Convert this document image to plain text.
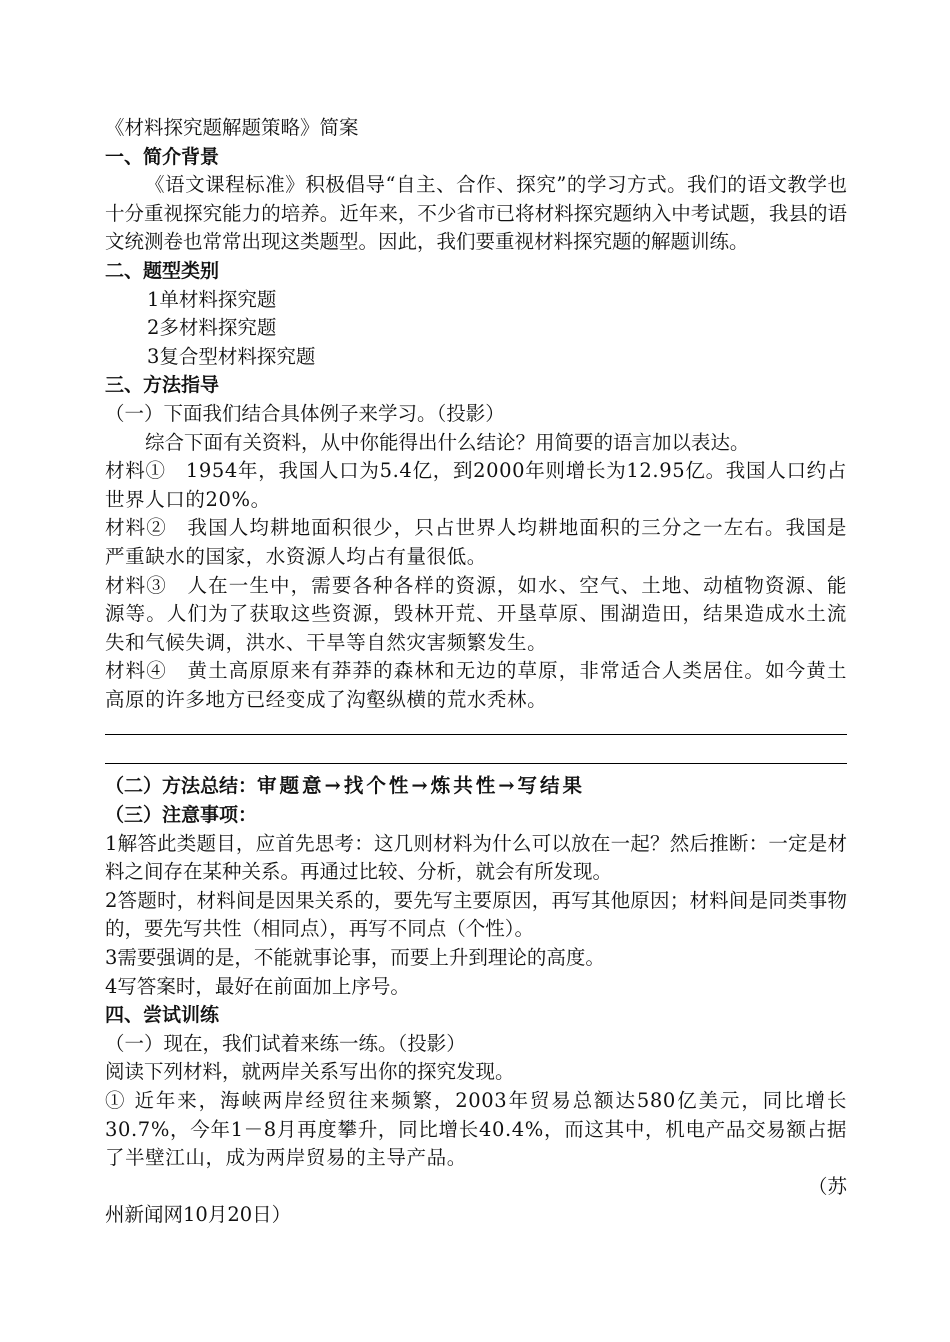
《材料探究题解题策略》简案
一、简介背景
《语文课程标准》积极倡导“自主、合作、探究”的学习方式。我们的语文教学也十分重视探究能力的培养。近年来，不少省市已将材料探究题纳入中考试题，我县的语文统测卷也常常出现这类题型。因此，我们要重视材料探究题的解题训练。
二、题型类别
1单材料探究题
2多材料探究题
3复合型材料探究题
三、方法指导
（一）下面我们结合具体例子来学习。（投影）
综合下面有关资料，从中你能得出什么结论？用简要的语言加以表达。
材料①　1954年，我国人口为5.4亿，到2000年则增长为12.95亿。我国人口约占世界人口的20%。
材料②　我国人均耕地面积很少，只占世界人均耕地面积的三分之一左右。我国是严重缺水的国家，水资源人均占有量很低。
材料③　人在一生中，需要各种各样的资源，如水、空气、土地、动植物资源、能源等。人们为了获取这些资源，毁林开荒、开垦草原、围湖造田，结果造成水土流失和气候失调，洪水、干旱等自然灾害频繁发生。
材料④　黄土高原原来有莽莽的森林和无边的草原，非常适合人类居住。如今黄土高原的许多地方已经变成了沟壑纵横的荒水秃林。
（二）方法总结：审题意→找个性→炼共性→写结果
（三）注意事项：
1解答此类题目，应首先思考：这几则材料为什么可以放在一起？然后推断：一定是材料之间存在某种关系。再通过比较、分析，就会有所发现。
2答题时，材料间是因果关系的，要先写主要原因，再写其他原因；材料间是同类事物的，要先写共性（相同点），再写不同点（个性）。
3需要强调的是，不能就事论事，而要上升到理论的高度。
4写答案时，最好在前面加上序号。
四、尝试训练
（一）现在，我们试着来练一练。（投影）
阅读下列材料，就两岸关系写出你的探究发现。
① 近年来，海峡两岸经贸往来频繁，2003年贸易总额达580亿美元，同比增长30.7%，今年1－8月再度攀升，同比增长40.4%，而这其中，机电产品交易额占据了半壁江山，成为两岸贸易的主导产品。
（苏
州新闻网10月20日）
